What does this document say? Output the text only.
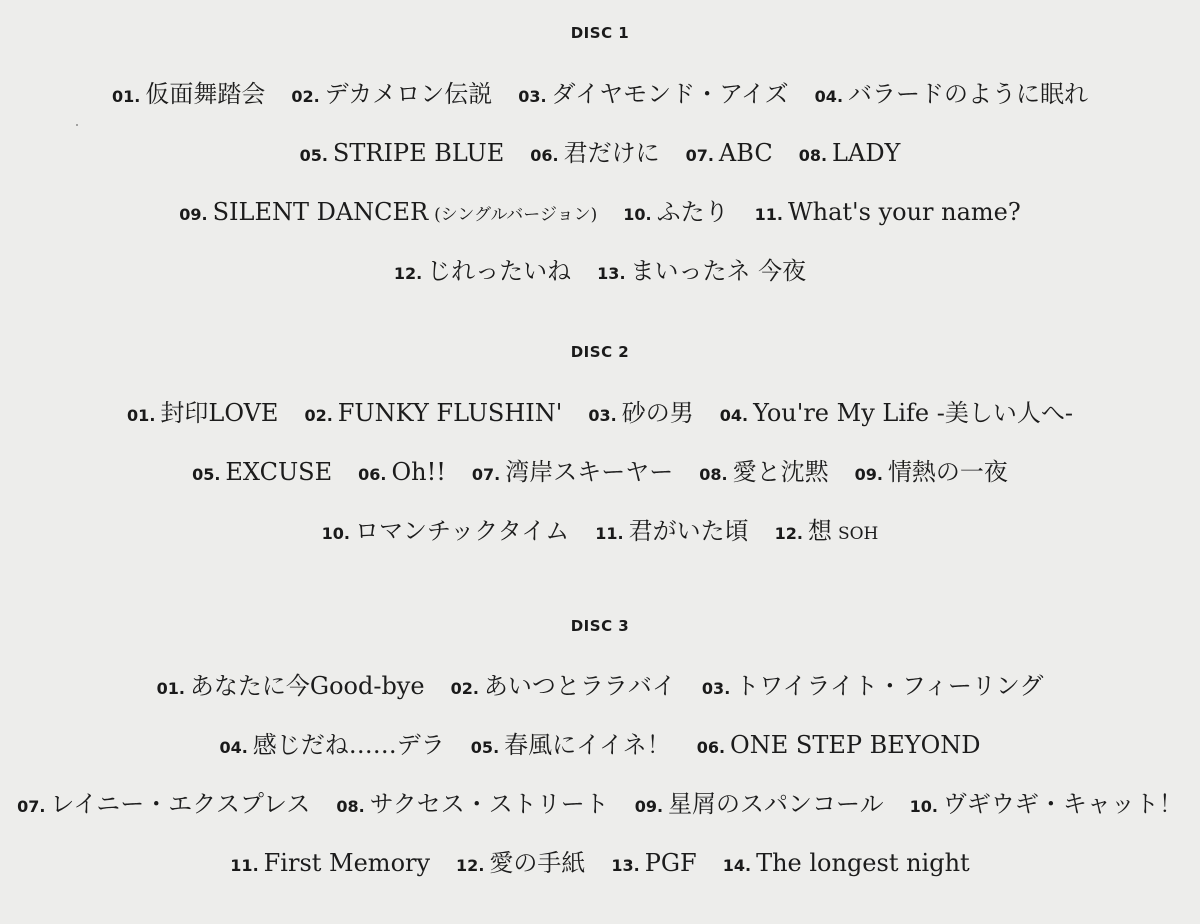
DISC 1
01. 仮面舞踏会 02. デカメロン伝説 03. ダイヤモンド・アイズ 04. バラードのように眠れ
05. STRIPE BLUE 06. 君だけに 07. ABC 08. LADY
09. SILENT DANCER (シングルバージョン) 10. ふたり 11. What's your name?
12. じれったいね 13. まいったネ 今夜
DISC 2
01. 封印LOVE 02. FUNKY FLUSHIN' 03. 砂の男 04. You're My Life -美しい人へ-
05. EXCUSE 06. Oh!! 07. 湾岸スキーヤー 08. 愛と沈黙 09. 情熱の一夜
10. ロマンチックタイム 11. 君がいた頃 12. 想 SOH
DISC 3
01. あなたに今Good-bye 02. あいつとララバイ 03. トワイライト・フィーリング
04. 感じだね……デラ 05. 春風にイイネ！ 06. ONE STEP BEYOND
07. レイニー・エクスプレス 08. サクセス・ストリート 09. 星屑のスパンコール 10. ヴギウギ・キャット！
11. First Memory 12. 愛の手紙 13. PGF 14. The longest night
